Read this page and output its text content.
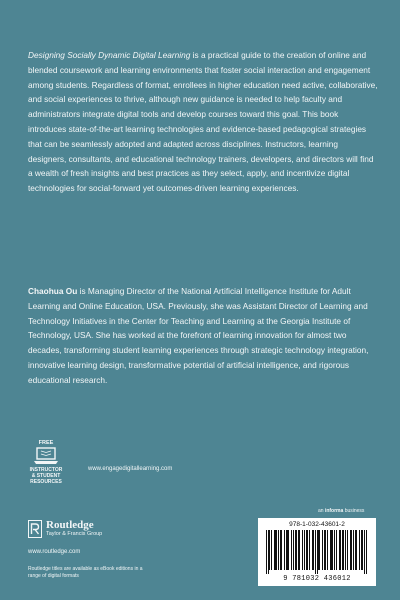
Designing Socially Dynamic Digital Learning is a practical guide to the creation of online and blended coursework and learning environments that foster social interaction and engagement among students. Regardless of format, enrollees in higher education need active, collaborative, and social experiences to thrive, although new guidance is needed to help faculty and administrators integrate digital tools and develop courses toward this goal. This book introduces state-of-the-art learning technologies and evidence-based pedagogical strategies that can be seamlessly adopted and adapted across disciplines. Instructors, learning designers, consultants, and educational technology trainers, developers, and directors will find a wealth of fresh insights and best practices as they select, apply, and incentivize digital technologies for social-forward yet outcomes-driven learning experiences.

Chaohua Ou is Managing Director of the National Artificial Intelligence Institute for Adult Learning and Online Education, USA. Previously, she was Assistant Director of Learning and Technology Initiatives in the Center for Teaching and Learning at the Georgia Institute of Technology, USA. She has worked at the forefront of learning innovation for almost two decades, transforming student learning experiences through strategic technology integration, innovative learning design, transformative potential of artificial intelligence, and rigorous educational research.

FREE
INSTRUCTOR
& STUDENT
RESOURCES
www.engagedigitallearning.com
Routledge
Taylor & Francis Group
www.routledge.com
Routledge titles are available as eBook editions in a range of digital formats
an informa business
978-1-032-43601-2
9 781032 436012
